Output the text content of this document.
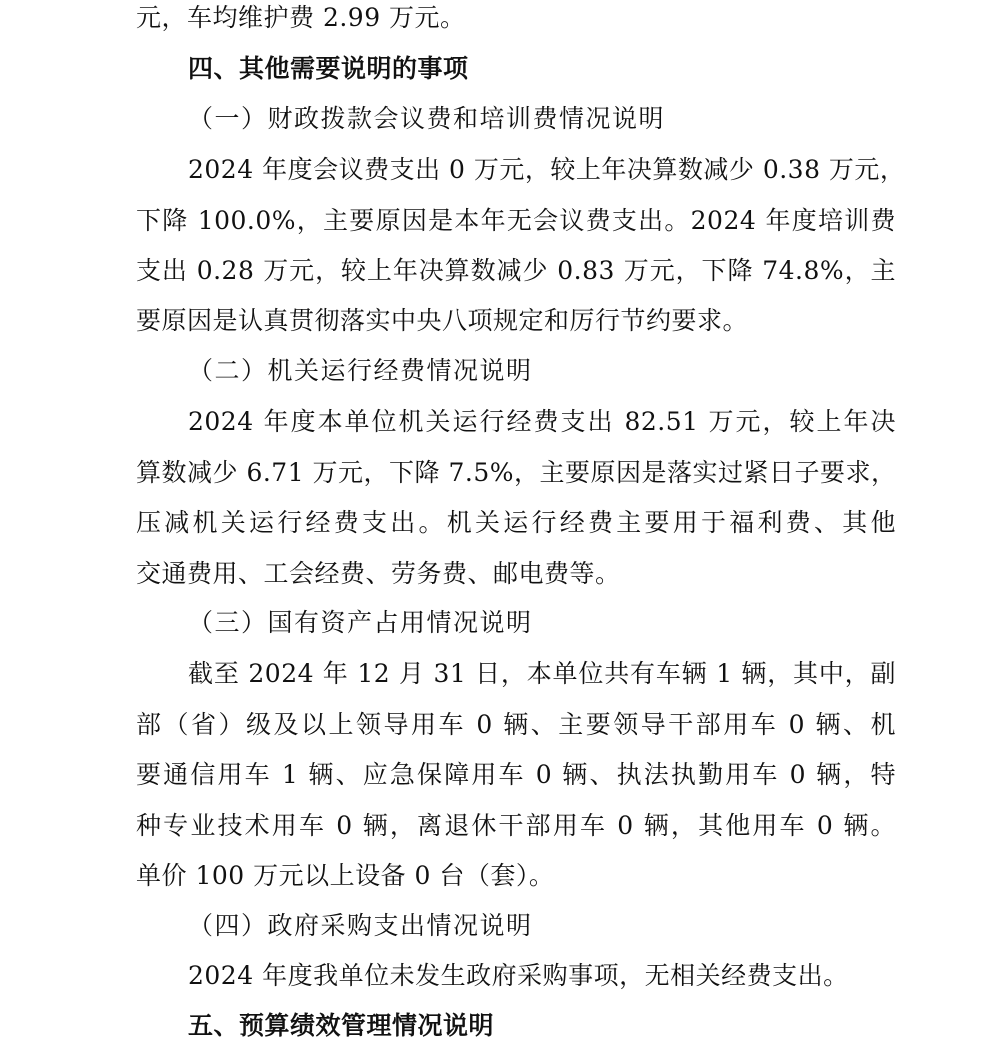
元，车均维护费 2.99 万元。
四、其他需要说明的事项
（一）财政拨款会议费和培训费情况说明
2024 年度会议费支出 0 万元，较上年决算数减少 0.38 万元，
下降 100.0%，主要原因是本年无会议费支出。2024 年度培训费
支出 0.28 万元，较上年决算数减少 0.83 万元，下降 74.8%，主
要原因是认真贯彻落实中央八项规定和厉行节约要求。
（二）机关运行经费情况说明
2024 年度本单位机关运行经费支出 82.51 万元，较上年决
算数减少 6.71 万元，下降 7.5%，主要原因是落实过紧日子要求，
压减机关运行经费支出。机关运行经费主要用于福利费、其他
交通费用、工会经费、劳务费、邮电费等。
（三）国有资产占用情况说明
截至 2024 年 12 月 31 日，本单位共有车辆 1 辆，其中，副
部（省）级及以上领导用车 0 辆、主要领导干部用车 0 辆、机
要通信用车 1 辆、应急保障用车 0 辆、执法执勤用车 0 辆，特
种专业技术用车 0 辆，离退休干部用车 0 辆，其他用车 0 辆。
单价 100 万元以上设备 0 台（套）。
（四）政府采购支出情况说明
2024 年度我单位未发生政府采购事项，无相关经费支出。
五、预算绩效管理情况说明
